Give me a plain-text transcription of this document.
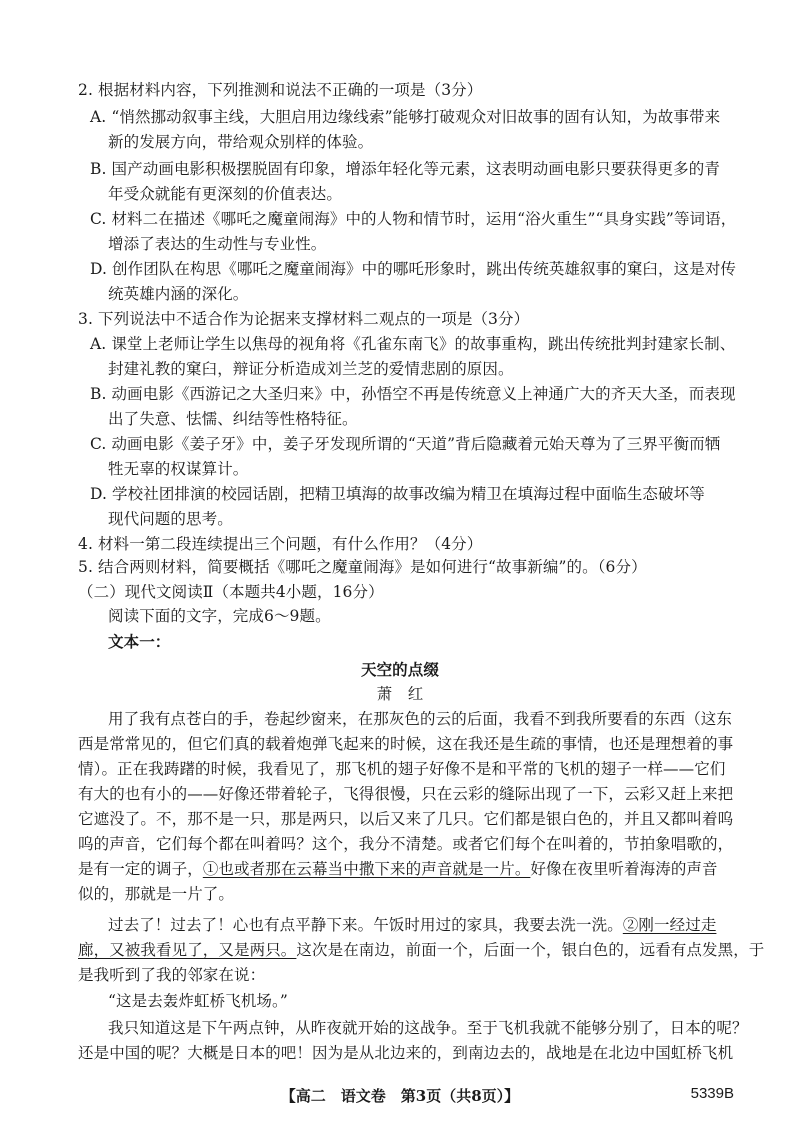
2. 根据材料内容，下列推测和说法不正确的一项是（3分）
A. “悄然挪动叙事主线，大胆启用边缘线索”能够打破观众对旧故事的固有认知，为故事带来
新的发展方向，带给观众别样的体验。
B. 国产动画电影积极摆脱固有印象，增添年轻化等元素，这表明动画电影只要获得更多的青
年受众就能有更深刻的价值表达。
C. 材料二在描述《哪吒之魔童闹海》中的人物和情节时，运用“浴火重生”“具身实践”等词语，
增添了表达的生动性与专业性。
D. 创作团队在构思《哪吒之魔童闹海》中的哪吒形象时，跳出传统英雄叙事的窠臼，这是对传
统英雄内涵的深化。
3. 下列说法中不适合作为论据来支撑材料二观点的一项是（3分）
A. 课堂上老师让学生以焦母的视角将《孔雀东南飞》的故事重构，跳出传统批判封建家长制、
封建礼教的窠臼，辩证分析造成刘兰芝的爱情悲剧的原因。
B. 动画电影《西游记之大圣归来》中，孙悟空不再是传统意义上神通广大的齐天大圣，而表现
出了失意、怯懦、纠结等性格特征。
C. 动画电影《姜子牙》中，姜子牙发现所谓的“天道”背后隐藏着元始天尊为了三界平衡而牺
牲无辜的权谋算计。
D. 学校社团排演的校园话剧，把精卫填海的故事改编为精卫在填海过程中面临生态破坏等
现代问题的思考。
4. 材料一第二段连续提出三个问题，有什么作用？（4分）
5. 结合两则材料，简要概括《哪吒之魔童闹海》是如何进行“故事新编”的。（6分）
（二）现代文阅读Ⅱ（本题共4小题，16分）
阅读下面的文字，完成6～9题。
文本一：
天空的点缀
萧　红
用了我有点苍白的手，卷起纱窗来，在那灰色的云的后面，我看不到我所要看的东西（这东
西是常常见的，但它们真的载着炮弹飞起来的时候，这在我还是生疏的事情，也还是理想着的事
情）。正在我踌躇的时候，我看见了，那飞机的翅子好像不是和平常的飞机的翅子一样——它们
有大的也有小的——好像还带着轮子，飞得很慢，只在云彩的缝际出现了一下，云彩又赶上来把
它遮没了。不，那不是一只，那是两只，以后又来了几只。它们都是银白色的，并且又都叫着呜
呜的声音，它们每个都在叫着吗？这个，我分不清楚。或者它们每个在叫着的，节拍象唱歌的，
是有一定的调子，①也或者那在云幕当中撒下来的声音就是一片。好像在夜里听着海涛的声音
似的，那就是一片了。
过去了！过去了！心也有点平静下来。午饭时用过的家具，我要去洗一洗。②刚一经过走
廊，又被我看见了，又是两只。这次是在南边，前面一个，后面一个，银白色的，远看有点发黑，于
是我听到了我的邻家在说：
“这是去轰炸虹桥飞机场。”
我只知道这是下午两点钟，从昨夜就开始的这战争。至于飞机我就不能够分别了，日本的呢？
还是中国的呢？大概是日本的吧！因为是从北边来的，到南边去的，战地是在北边中国虹桥飞机
【高二　语文卷　第3页（共8页）】	5339B
